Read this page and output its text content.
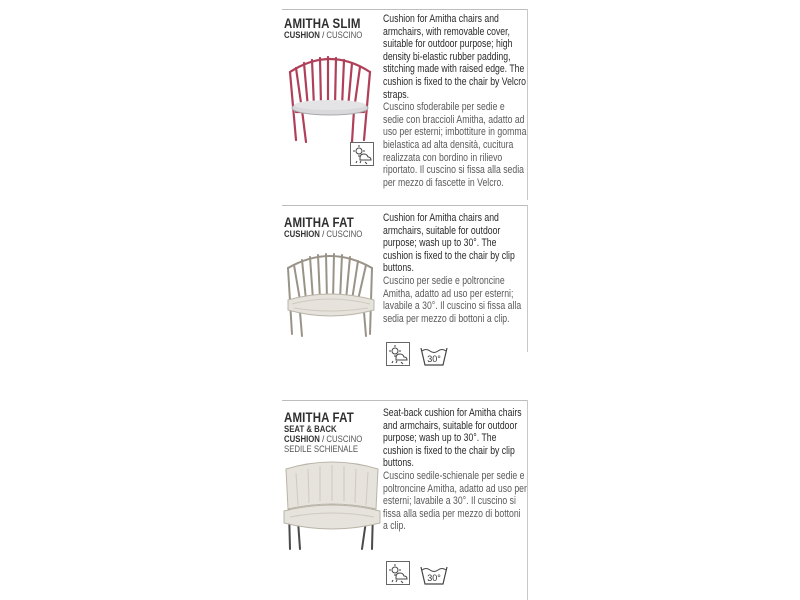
AMITHA SLIM
CUSHION / CUSCINO

Cushion for Amitha chairs and armchairs, with removable cover, suitable for outdoor purpose; high density bi-elastic rubber padding, stitching made with raised edge. The cushion is fixed to the chair by Velcro straps.

Cuscino sfoderabile per sedie e sedie con braccioli Amitha, adatto ad uso per esterni; imbottiture in gomma bielastica ad alta densità, cucitura realizzata con bordino in rilievo riportato. Il cuscino si fissa alla sedia per mezzo di fascette in Velcro.

AMITHA FAT
CUSHION / CUSCINO
30°

Cushion for Amitha chairs and armchairs, suitable for outdoor purpose; wash up to 30°. The cushion is fixed to the chair by clip buttons.

Cuscino per sedie e poltroncine Amitha, adatto ad uso per esterni; lavabile a 30°. Il cuscino si fissa alla sedia per mezzo di bottoni a clip.

AMITHA FAT
SEAT & BACK
CUSHION / CUSCINO
SEDILE SCHIENALE
30°

Seat-back cushion for Amitha chairs and armchairs, suitable for outdoor purpose; wash up to 30°. The cushion is fixed to the chair by clip buttons.

Cuscino sedile-schienale per sedie e poltroncine Amitha, adatto ad uso per esterni; lavabile a 30°. Il cuscino si fissa alla sedia per mezzo di bottoni a clip.
